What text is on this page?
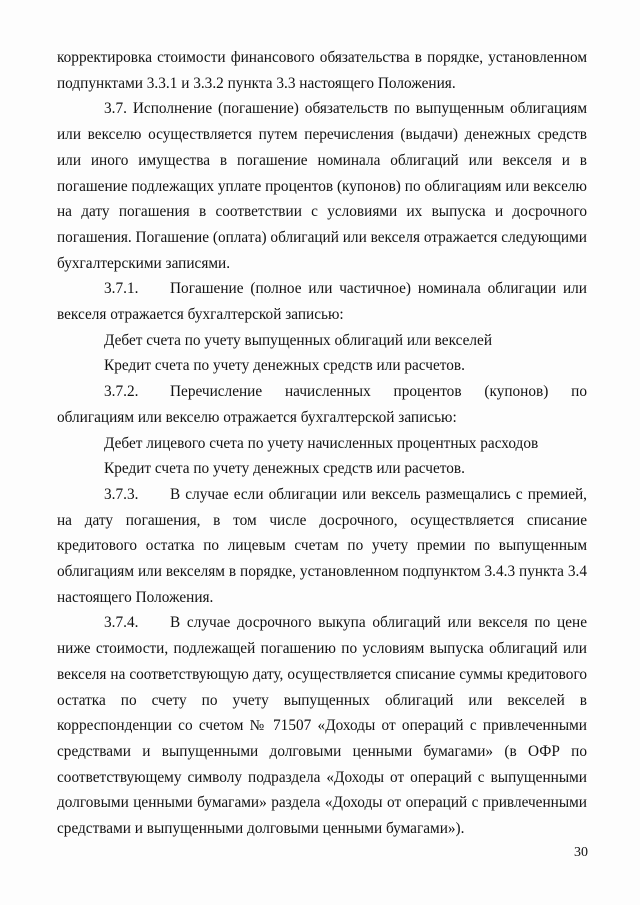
корректировка стоимости финансового обязательства в порядке, установленном подпунктами 3.3.1 и 3.3.2 пункта 3.3 настоящего Положения.

3.7. Исполнение (погашение) обязательств по выпущенным облигациям или векселю осуществляется путем перечисления (выдачи) денежных средств или иного имущества в погашение номинала облигаций или векселя и в погашение подлежащих уплате процентов (купонов) по облигациям или векселю на дату погашения в соответствии с условиями их выпуска и досрочного погашения. Погашение (оплата) облигаций или векселя отражается следующими бухгалтерскими записями.

3.7.1. Погашение (полное или частичное) номинала облигации или векселя отражается бухгалтерской записью:

Дебет счета по учету выпущенных облигаций или векселей

Кредит счета по учету денежных средств или расчетов.

3.7.2. Перечисление начисленных процентов (купонов) по облигациям или векселю отражается бухгалтерской записью:

Дебет лицевого счета по учету начисленных процентных расходов

Кредит счета по учету денежных средств или расчетов.

3.7.3. В случае если облигации или вексель размещались с премией, на дату погашения, в том числе досрочного, осуществляется списание кредитового остатка по лицевым счетам по учету премии по выпущенным облигациям или векселям в порядке, установленном подпунктом 3.4.3 пункта 3.4 настоящего Положения.

3.7.4. В случае досрочного выкупа облигаций или векселя по цене ниже стоимости, подлежащей погашению по условиям выпуска облигаций или векселя на соответствующую дату, осуществляется списание суммы кредитового остатка по счету по учету выпущенных облигаций или векселей в корреспонденции со счетом № 71507 «Доходы от операций с привлеченными средствами и выпущенными долговыми ценными бумагами» (в ОФР по соответствующему символу подраздела «Доходы от операций с выпущенными долговыми ценными бумагами» раздела «Доходы от операций с привлеченными средствами и выпущенными долговыми ценными бумагами»).

30
